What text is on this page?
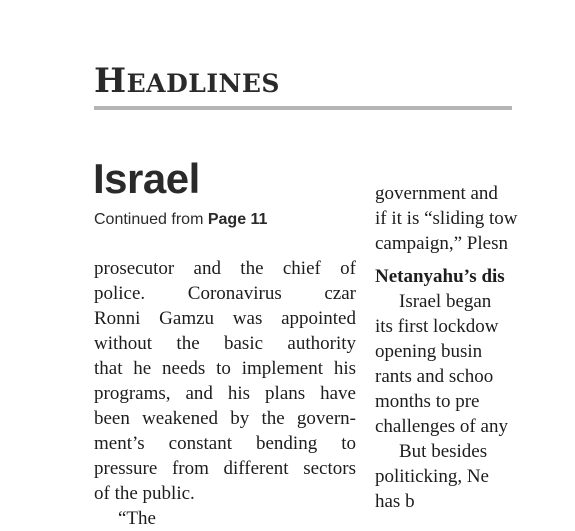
HEADLINES
Israel
Continued from Page 11
prosecutor and the chief of
police. Coronavirus czar
Ronni Gamzu was appointed
without the basic authority
that he needs to implement his
programs, and his plans have
been weakened by the govern-
ment’s constant bending to
pressure from different sectors
of the public.
“The
government and
if it is “sliding tow
campaign,” Plesn
Netanyahu’s dis
Israel began
its first lockdow
opening busin
rants and schoo
months to pre
challenges of any
But besides
politicking, Ne
has b
